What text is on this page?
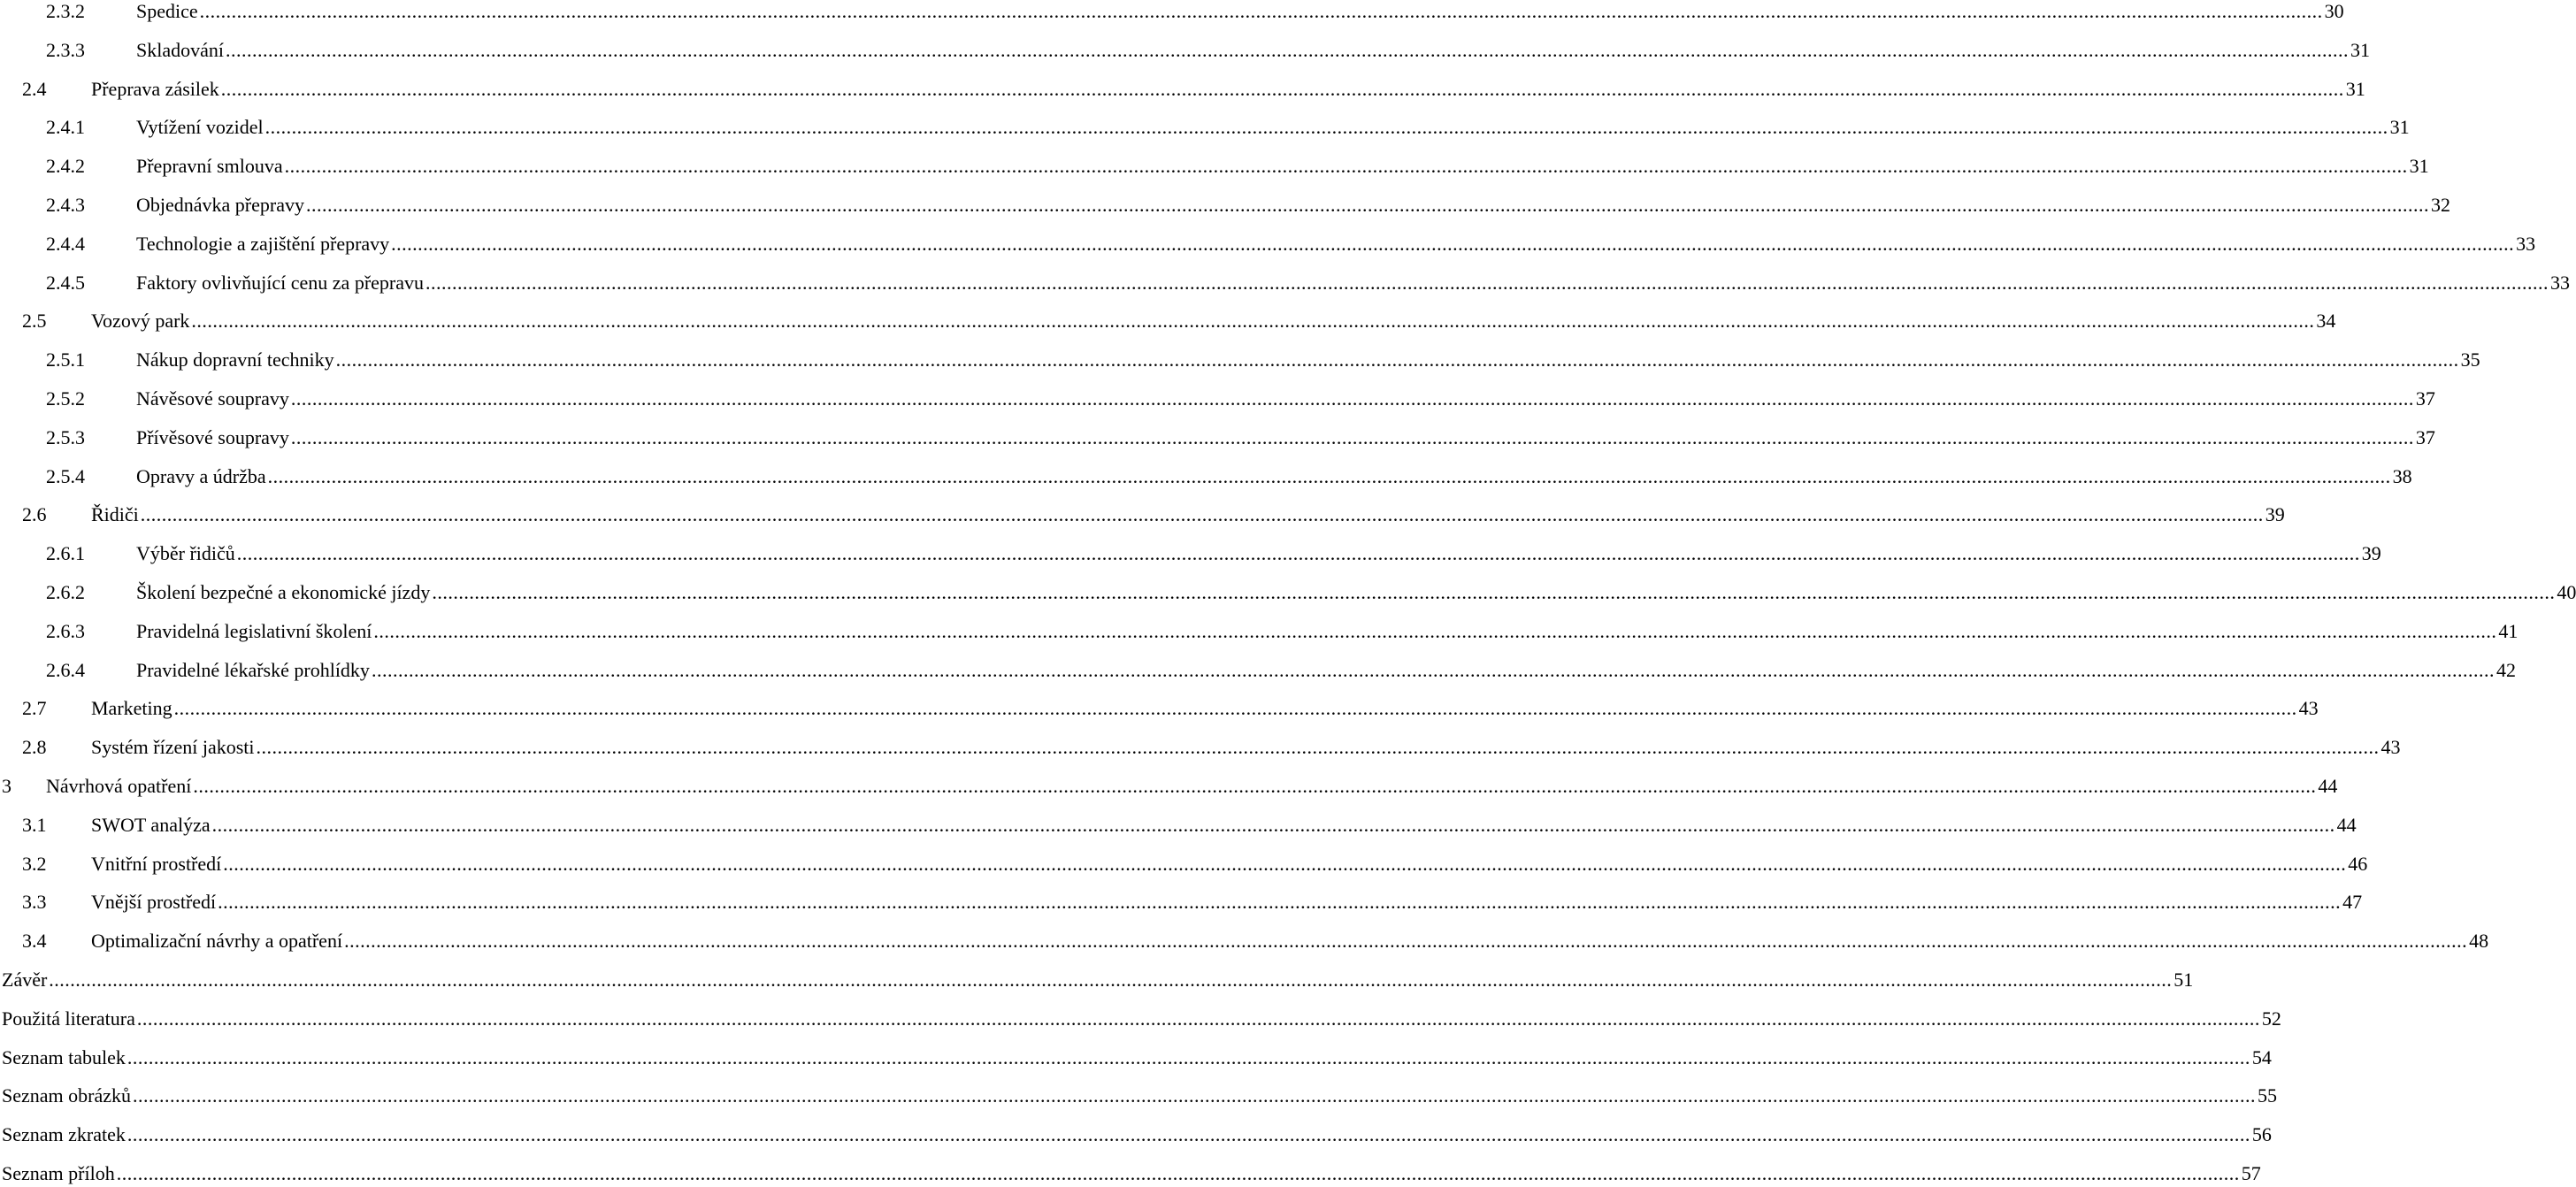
2.3.2	Spedice ................................................................................................................................................................................................................................................................................................................................................................................................................ 30
2.3.3	Skladování ................................................................................................................................................................................................................................................................................................................................................................................................................ 31
2.4 Přeprava zásilek ................................................................................................................................................................................................................................................................................................................................................................................................................ 31
2.4.1	Vytížení vozidel ................................................................................................................................................................................................................................................................................................................................................................................................................ 31
2.4.2	Přepravní smlouva ................................................................................................................................................................................................................................................................................................................................................................................................................ 31
2.4.3	Objednávka přepravy ................................................................................................................................................................................................................................................................................................................................................................................................................ 32
2.4.4	Technologie a zajištění přepravy ................................................................................................................................................................................................................................................................................................................................................................................................................ 33
2.4.5	Faktory ovlivňující cenu za přepravu ................................................................................................................................................................................................................................................................................................................................................................................................................ 33
2.5 Vozový park ................................................................................................................................................................................................................................................................................................................................................................................................................ 34
2.5.1	Nákup dopravní techniky ................................................................................................................................................................................................................................................................................................................................................................................................................ 35
2.5.2	Návěsové soupravy ................................................................................................................................................................................................................................................................................................................................................................................................................ 37
2.5.3	Přívěsové soupravy ................................................................................................................................................................................................................................................................................................................................................................................................................ 37
2.5.4	Opravy a údržba ................................................................................................................................................................................................................................................................................................................................................................................................................ 38
2.6 Řidiči ................................................................................................................................................................................................................................................................................................................................................................................................................ 39
2.6.1	Výběr řidičů ................................................................................................................................................................................................................................................................................................................................................................................................................ 39
2.6.2	Školení bezpečné a ekonomické jízdy ................................................................................................................................................................................................................................................................................................................................................................................................................ 40
2.6.3	Pravidelná legislativní školení ................................................................................................................................................................................................................................................................................................................................................................................................................ 41
2.6.4	Pravidelné lékařské prohlídky ................................................................................................................................................................................................................................................................................................................................................................................................................ 42
2.7 Marketing ................................................................................................................................................................................................................................................................................................................................................................................................................ 43
2.8 Systém řízení jakosti ................................................................................................................................................................................................................................................................................................................................................................................................................ 43
3 Návrhová opatření ................................................................................................................................................................................................................................................................................................................................................................................................................ 44
3.1 SWOT analýza ................................................................................................................................................................................................................................................................................................................................................................................................................ 44
3.2 Vnitřní prostředí ................................................................................................................................................................................................................................................................................................................................................................................................................ 46
3.3 Vnější prostředí ................................................................................................................................................................................................................................................................................................................................................................................................................ 47
3.4 Optimalizační návrhy a opatření ................................................................................................................................................................................................................................................................................................................................................................................................................ 48
Závěr ................................................................................................................................................................................................................................................................................................................................................................................................................ 51
Použitá literatura ................................................................................................................................................................................................................................................................................................................................................................................................................ 52
Seznam tabulek ................................................................................................................................................................................................................................................................................................................................................................................................................ 54
Seznam obrázků ................................................................................................................................................................................................................................................................................................................................................................................................................ 55
Seznam zkratek ................................................................................................................................................................................................................................................................................................................................................................................................................ 56
Seznam příloh ................................................................................................................................................................................................................................................................................................................................................................................................................ 57
